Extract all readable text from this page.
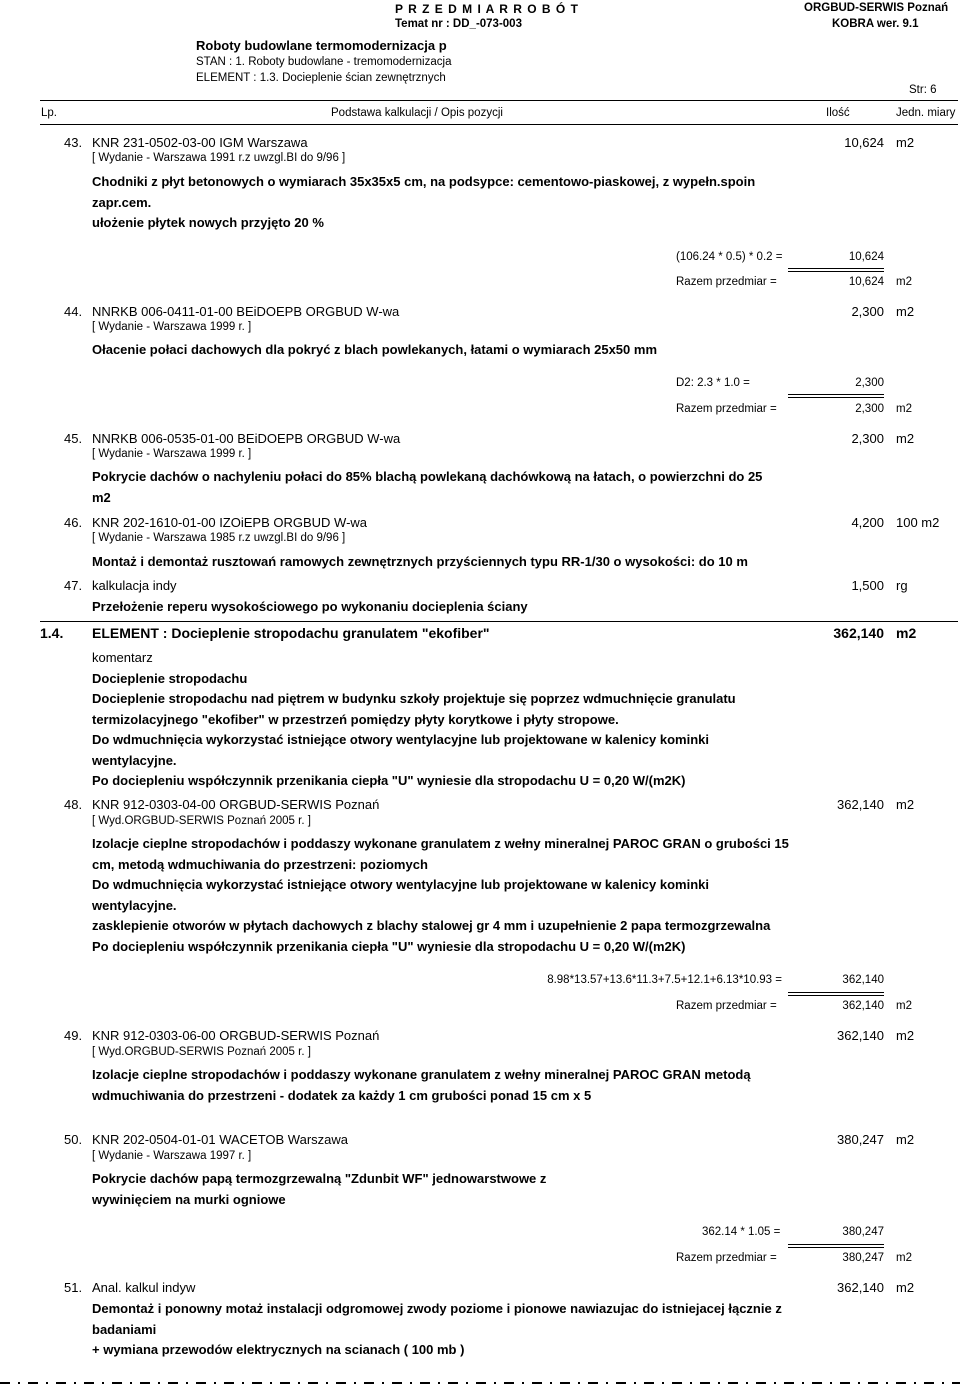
P R Z E D M I A R R O B Ó T
Temat nr : DD_-073-003
ORGBUD-SERWIS Poznań
KOBRA wer. 9.1
Roboty budowlane termomodernizacja p
STAN : 1. Roboty budowlane - tremomodernizacja
ELEMENT : 1.3. Docieplenie ścian zewnętrznych
Str: 6
Lp.	Podstawa kalkulacji / Opis pozycji	Ilość	Jedn. miary
43. KNR 231-0502-03-00 IGM Warszawa
[ Wydanie - Warszawa 1991 r.z uwzgl.BI do 9/96 ]
10,624 m2
Chodniki z płyt betonowych o wymiarach 35x35x5 cm, na podsypce: cementowo-piaskowej, z wypełn.spoin zapr.cem.
ułożenie płytek nowych przyjęto 20 %
(106.24 * 0.5) * 0.2 =	10,624
Razem przedmiar =	10,624 m2
44. NNRKB 006-0411-01-00 BEiDOEPB ORGBUD W-wa
[ Wydanie - Warszawa 1999 r. ]
2,300 m2
Ołacenie połaci dachowych dla pokryć z blach powlekanych, łatami o wymiarach 25x50 mm
D2: 2.3 * 1.0 =	2,300
Razem przedmiar =	2,300 m2
45. NNRKB 006-0535-01-00 BEiDOEPB ORGBUD W-wa
[ Wydanie - Warszawa 1999 r. ]
2,300 m2
Pokrycie dachów o nachyleniu połaci do 85% blachą powlekaną dachówkową na łatach, o powierzchni do 25 m2
46. KNR 202-1610-01-00 IZOiEPB ORGBUD W-wa
[ Wydanie - Warszawa 1985 r.z uwzgl.BI do 9/96 ]
4,200 100 m2
Montaż i demontaż rusztowań ramowych zewnętrznych przyściennych typu RR-1/30 o wysokości: do 10 m
47. kalkulacja indy	1,500 rg
Przełożenie reperu wysokościowego po wykonaniu docieplenia ściany
1.4. ELEMENT : Docieplenie stropodachu granulatem "ekofiber"	362,140 m2
komentarz
Docieplenie stropodachu
Docieplenie stropodachu nad piętrem w budynku szkoły projektuje się poprzez wdmuchnięcie granulatu termizolacyjnego "ekofiber" w przestrzeń pomiędzy płyty korytkowe i płyty stropowe.
Do wdmuchnięcia wykorzystać istniejące otwory wentylacyjne lub projektowane w kalenicy kominki wentylacyjne.
Po dociepleniu współczynnik przenikania ciepła "U" wyniesie dla stropodachu U = 0,20 W/(m2K)
48. KNR 912-0303-04-00 ORGBUD-SERWIS Poznań
[ Wyd.ORGBUD-SERWIS Poznań 2005 r. ]
362,140 m2
Izolacje cieplne stropodachów i poddaszy wykonane granulatem z wełny mineralnej PAROC GRAN o grubości 15 cm, metodą wdmuchiwania do przestrzeni: poziomych
Do wdmuchnięcia wykorzystać istniejące otwory wentylacyjne lub projektowane w kalenicy kominki wentylacyjne.
zasklepienie otworów w płytach dachowych z blachy stalowej gr 4 mm i uzupełnienie 2 papa termozgrzewalna
Po dociepleniu współczynnik przenikania ciepła "U" wyniesie dla stropodachu U = 0,20 W/(m2K)
8.98*13.57+13.6*11.3+7.5+12.1+6.13*10.93 =	362,140
Razem przedmiar =	362,140 m2
49. KNR 912-0303-06-00 ORGBUD-SERWIS Poznań
[ Wyd.ORGBUD-SERWIS Poznań 2005 r. ]
362,140 m2
Izolacje cieplne stropodachów i poddaszy wykonane granulatem z wełny mineralnej PAROC GRAN metodą wdmuchiwania do przestrzeni - dodatek za każdy 1 cm grubości ponad 15 cm x 5
50. KNR 202-0504-01-01 WACETOB Warszawa
[ Wydanie - Warszawa 1997 r. ]
380,247 m2
Pokrycie dachów papą termozgrzewalną "Zdunbit WF" jednowarstwowe z wywinięciem na murki ogniowe
362.14 * 1.05 =	380,247
Razem przedmiar =	380,247 m2
51. Anal. kalkul indyw	362,140 m2
Demontaż i ponowny motaż instalacji odgromowej zwody poziome i pionowe nawiazujac do istniejacej łącznie z badaniami
+ wymiana przewodów elektrycznych na scianach ( 100 mb )
